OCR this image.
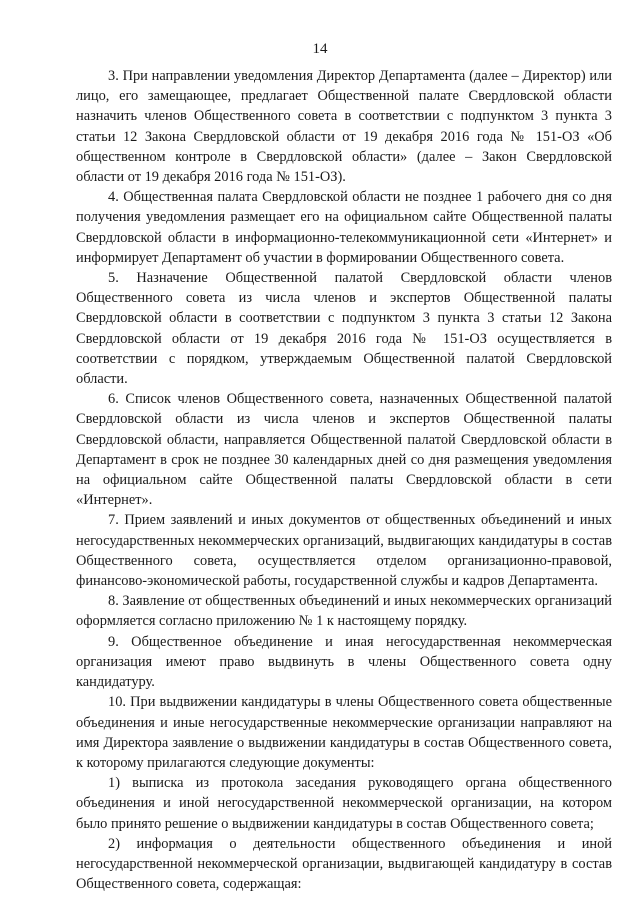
14

3. При направлении уведомления Директор Департамента (далее – Директор) или лицо, его замещающее, предлагает Общественной палате Свердловской области назначить членов Общественного совета в соответствии с подпунктом 3 пункта 3 статьи 12 Закона Свердловской области от 19 декабря 2016 года № 151-ОЗ «Об общественном контроле в Свердловской области» (далее – Закон Свердловской области от 19 декабря 2016 года № 151-ОЗ).

4. Общественная палата Свердловской области не позднее 1 рабочего дня со дня получения уведомления размещает его на официальном сайте Общественной палаты Свердловской области в информационно-телекоммуникационной сети «Интернет» и информирует Департамент об участии в формировании Общественного совета.

5. Назначение Общественной палатой Свердловской области членов Общественного совета из числа членов и экспертов Общественной палаты Свердловской области в соответствии с подпунктом 3 пункта 3 статьи 12 Закона Свердловской области от 19 декабря 2016 года № 151-ОЗ осуществляется в соответствии с порядком, утверждаемым Общественной палатой Свердловской области.

6. Список членов Общественного совета, назначенных Общественной палатой Свердловской области из числа членов и экспертов Общественной палаты Свердловской области, направляется Общественной палатой Свердловской области в Департамент в срок не позднее 30 календарных дней со дня размещения уведомления на официальном сайте Общественной палаты Свердловской области в сети «Интернет».

7. Прием заявлений и иных документов от общественных объединений и иных негосударственных некоммерческих организаций, выдвигающих кандидатуры в состав Общественного совета, осуществляется отделом организационно-правовой, финансово-экономической работы, государственной службы и кадров Департамента.

8. Заявление от общественных объединений и иных некоммерческих организаций оформляется согласно приложению № 1 к настоящему порядку.

9. Общественное объединение и иная негосударственная некоммерческая организация имеют право выдвинуть в члены Общественного совета одну кандидатуру.

10. При выдвижении кандидатуры в члены Общественного совета общественные объединения и иные негосударственные некоммерческие организации направляют на имя Директора заявление о выдвижении кандидатуры в состав Общественного совета, к которому прилагаются следующие документы:

1) выписка из протокола заседания руководящего органа общественного объединения и иной негосударственной некоммерческой организации, на котором было принято решение о выдвижении кандидатуры в состав Общественного совета;

2) информация о деятельности общественного объединения и иной негосударственной некоммерческой организации, выдвигающей кандидатуру в состав Общественного совета, содержащая:
